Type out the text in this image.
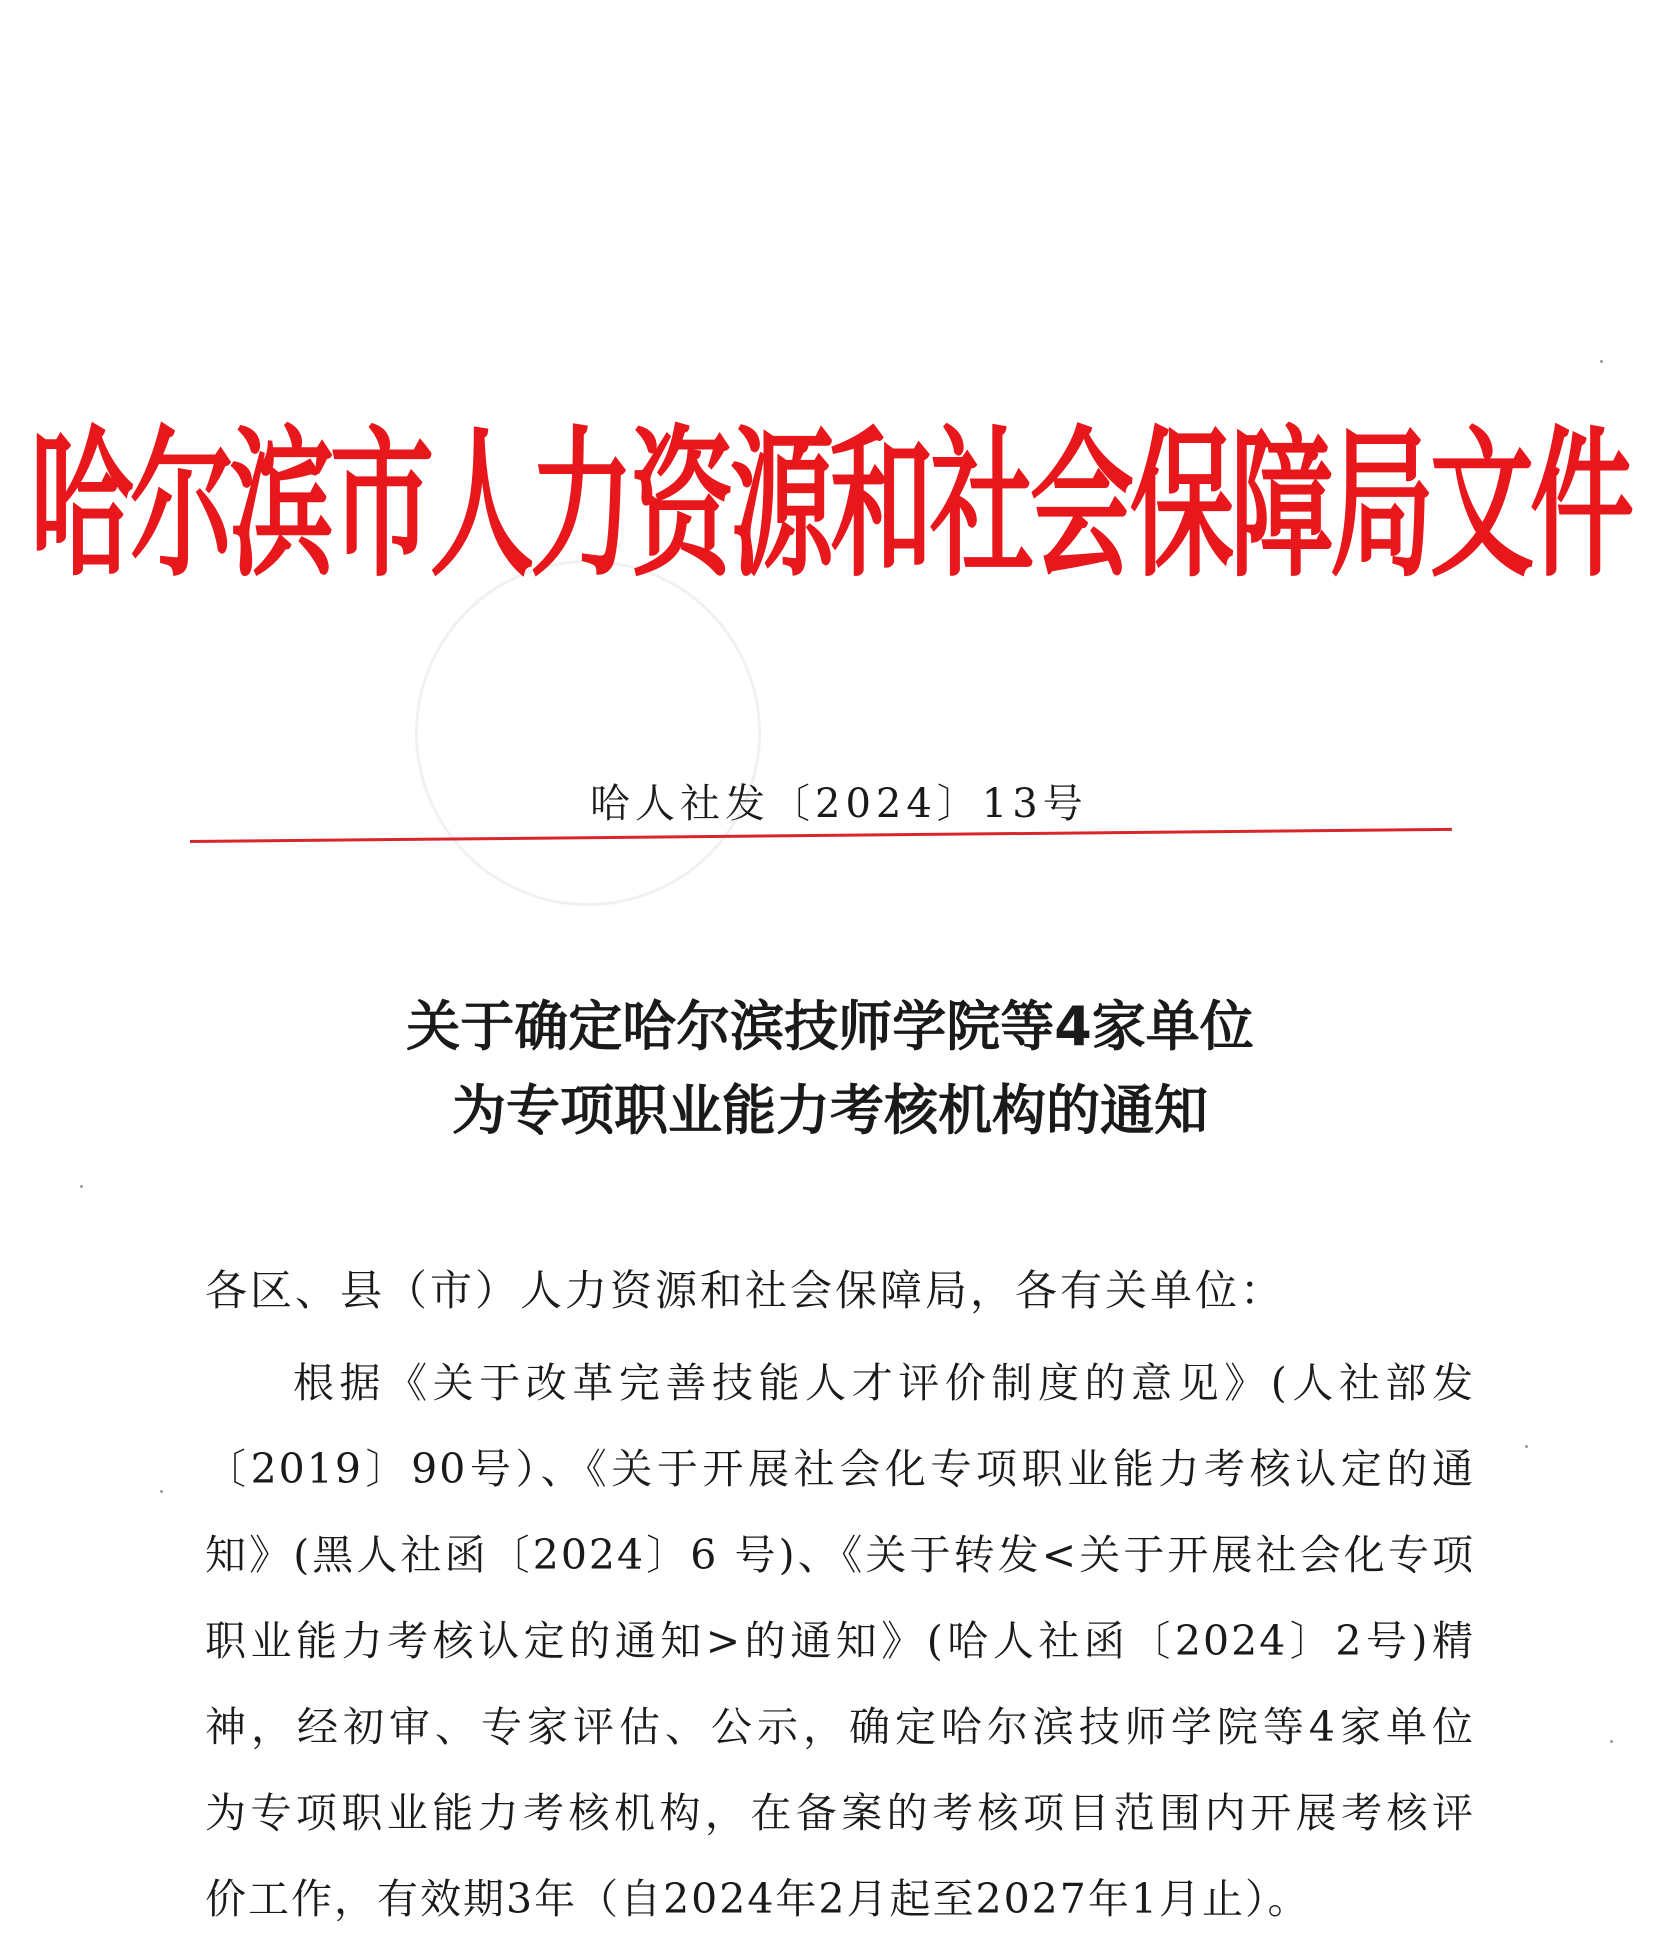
哈尔滨市人力资源和社会保障局文件
哈人社发〔2024〕13号
关于确定哈尔滨技师学院等4家单位
为专项职业能力考核机构的通知
各区、县（市）人力资源和社会保障局，各有关单位：
根据《关于改革完善技能人才评价制度的意见》(人社部发
〔2019〕90号）、《关于开展社会化专项职业能力考核认定的通
知》(黑人社函〔2024〕6 号)、《关于转发<关于开展社会化专项
职业能力考核认定的通知>的通知》(哈人社函〔2024〕2号)精
神，经初审、专家评估、公示，确定哈尔滨技师学院等4家单位
为专项职业能力考核机构，在备案的考核项目范围内开展考核评
价工作，有效期3年（自2024年2月起至2027年1月止）。
